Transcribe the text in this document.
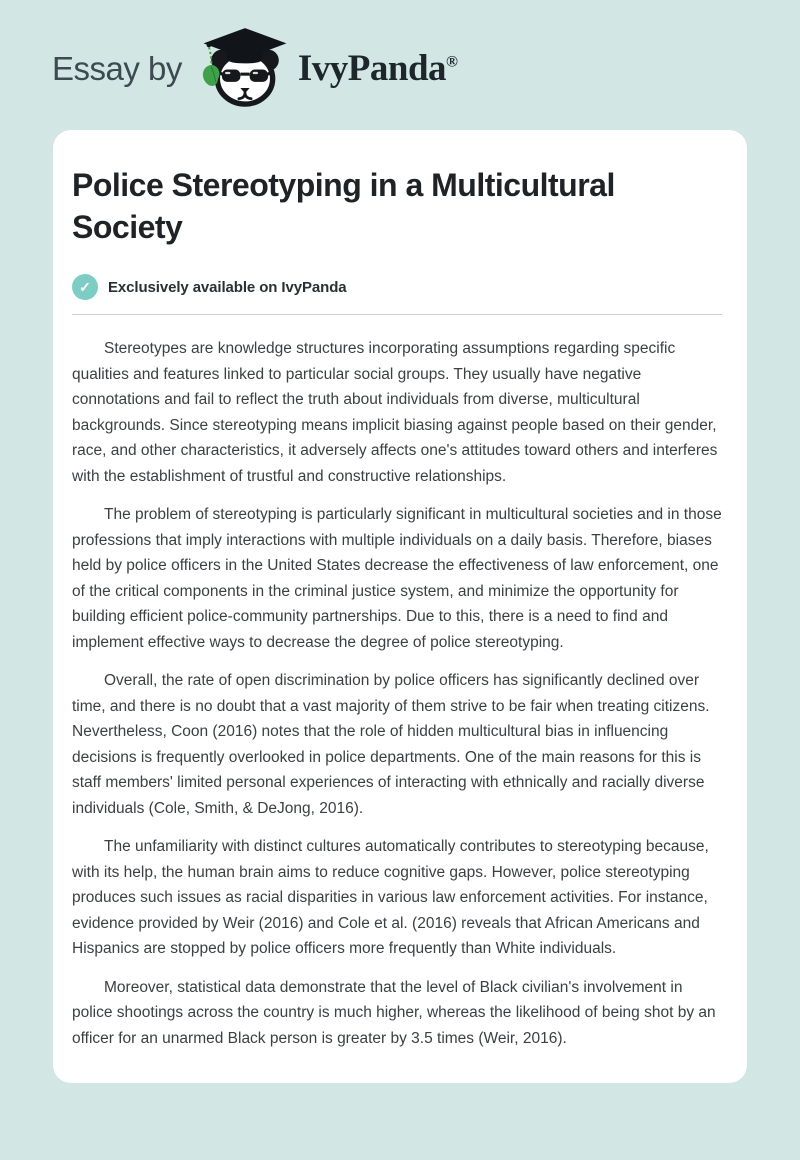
Essay by	IvyPanda®
Police Stereotyping in a Multicultural Society
✓	Exclusively available on IvyPanda

Stereotypes are knowledge structures incorporating assumptions regarding specific qualities and features linked to particular social groups. They usually have negative connotations and fail to reflect the truth about individuals from diverse, multicultural backgrounds. Since stereotyping means implicit biasing against people based on their gender, race, and other characteristics, it adversely affects one's attitudes toward others and interferes with the establishment of trustful and constructive relationships.

The problem of stereotyping is particularly significant in multicultural societies and in those professions that imply interactions with multiple individuals on a daily basis. Therefore, biases held by police officers in the United States decrease the effectiveness of law enforcement, one of the critical components in the criminal justice system, and minimize the opportunity for building efficient police-community partnerships. Due to this, there is a need to find and implement effective ways to decrease the degree of police stereotyping.

Overall, the rate of open discrimination by police officers has significantly declined over time, and there is no doubt that a vast majority of them strive to be fair when treating citizens. Nevertheless, Coon (2016) notes that the role of hidden multicultural bias in influencing decisions is frequently overlooked in police departments. One of the main reasons for this is staff members' limited personal experiences of interacting with ethnically and racially diverse individuals (Cole, Smith, & DeJong, 2016).

The unfamiliarity with distinct cultures automatically contributes to stereotyping because, with its help, the human brain aims to reduce cognitive gaps. However, police stereotyping produces such issues as racial disparities in various law enforcement activities. For instance, evidence provided by Weir (2016) and Cole et al. (2016) reveals that African Americans and Hispanics are stopped by police officers more frequently than White individuals.

Moreover, statistical data demonstrate that the level of Black civilian's involvement in police shootings across the country is much higher, whereas the likelihood of being shot by an officer for an unarmed Black person is greater by 3.5 times (Weir, 2016).
